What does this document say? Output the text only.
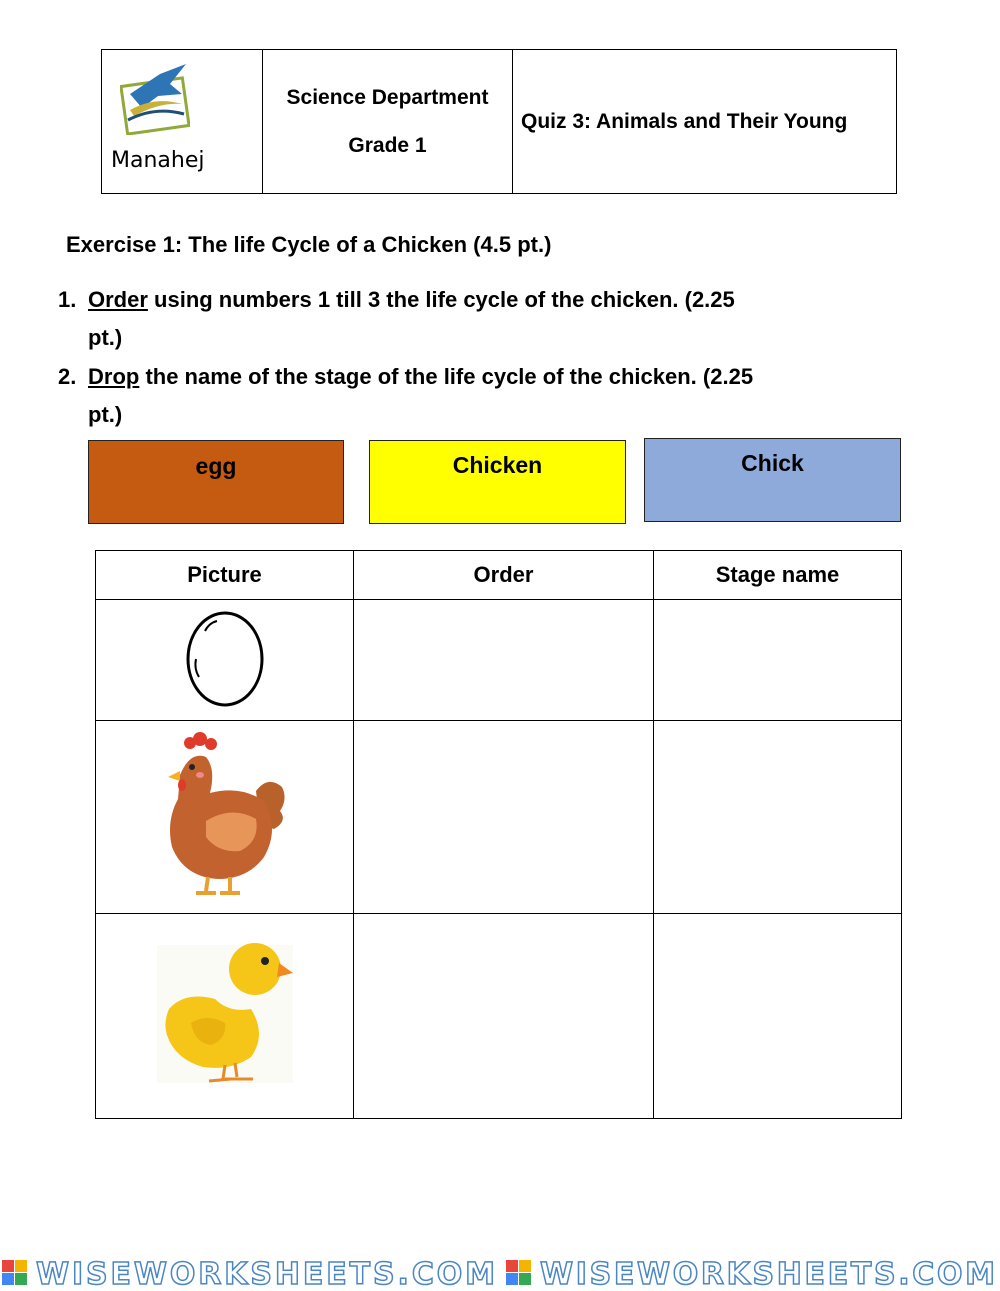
Manahej

Science Department
Grade 1
	Quiz 3: Animals and Their Young
Exercise 1: The life Cycle of a Chicken (4.5 pt.)
1. Order using numbers 1 till 3 the life cycle of the chicken. (2.25
pt.)
2. Drop the name of the stage of the life cycle of the chicken. (2.25
pt.)
egg	Chicken	Chick
Picture	Order	Stage name

WISEWORKSHEETS.COM WISEWORKSHEETS.COM
